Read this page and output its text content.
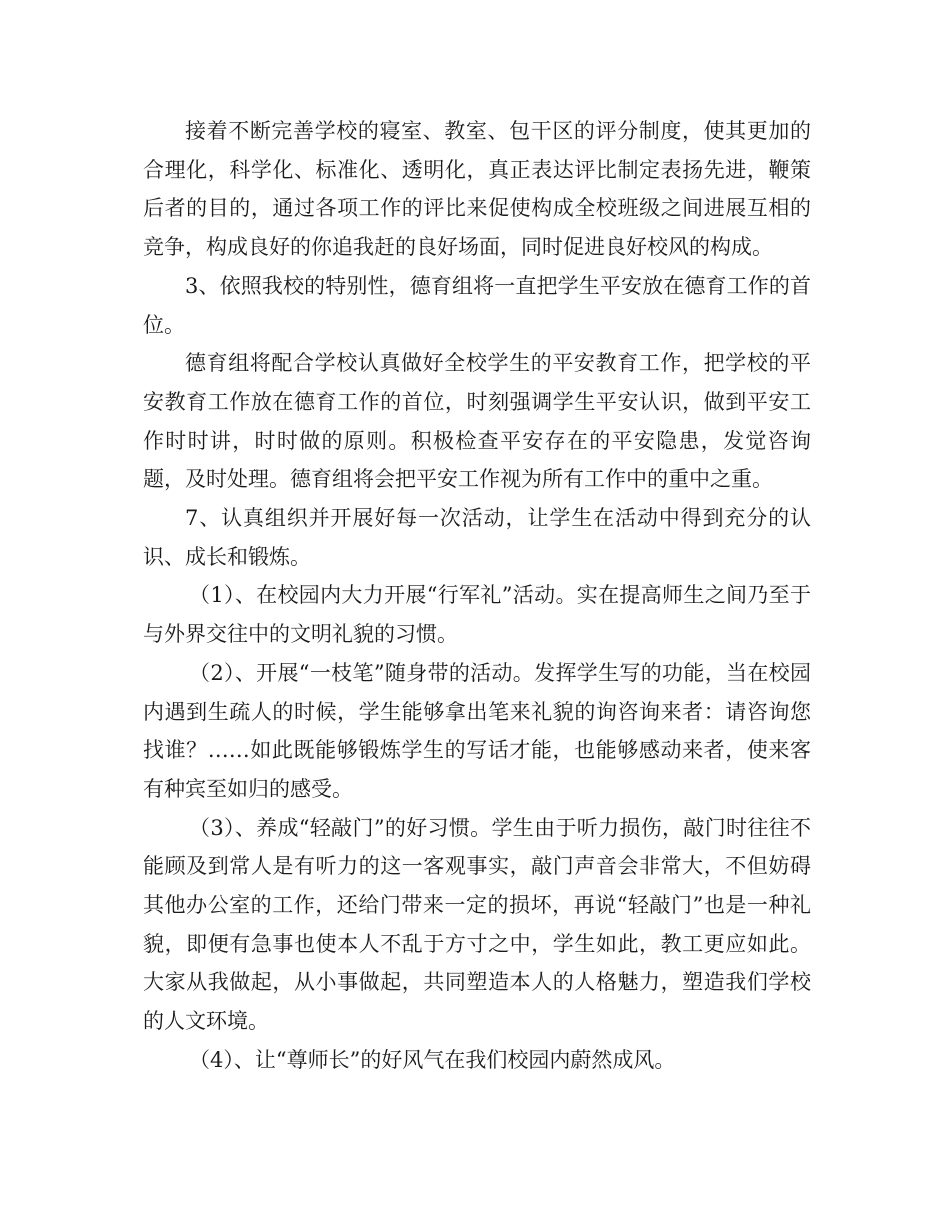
接着不断完善学校的寝室、教室、包干区的评分制度，使其更加的合理化，科学化、标准化、透明化，真正表达评比制定表扬先进，鞭策后者的目的，通过各项工作的评比来促使构成全校班级之间进展互相的竞争，构成良好的你追我赶的良好场面，同时促进良好校风的构成。

3、依照我校的特别性，德育组将一直把学生平安放在德育工作的首位。

德育组将配合学校认真做好全校学生的平安教育工作，把学校的平安教育工作放在德育工作的首位，时刻强调学生平安认识，做到平安工作时时讲，时时做的原则。积极检查平安存在的平安隐患，发觉咨询题，及时处理。德育组将会把平安工作视为所有工作中的重中之重。

7、认真组织并开展好每一次活动，让学生在活动中得到充分的认识、成长和锻炼。

（1）、在校园内大力开展“行军礼”活动。实在提高师生之间乃至于与外界交往中的文明礼貌的习惯。

（2）、开展“一枝笔”随身带的活动。发挥学生写的功能，当在校园内遇到生疏人的时候，学生能够拿出笔来礼貌的询咨询来者：请咨询您找谁？……如此既能够锻炼学生的写话才能，也能够感动来者，使来客有种宾至如归的感受。

（3）、养成“轻敲门”的好习惯。学生由于听力损伤，敲门时往往不能顾及到常人是有听力的这一客观事实，敲门声音会非常大，不但妨碍其他办公室的工作，还给门带来一定的损坏，再说“轻敲门”也是一种礼貌，即便有急事也使本人不乱于方寸之中，学生如此，教工更应如此。大家从我做起，从小事做起，共同塑造本人的人格魅力，塑造我们学校的人文环境。

（4）、让“尊师长”的好风气在我们校园内蔚然成风。
